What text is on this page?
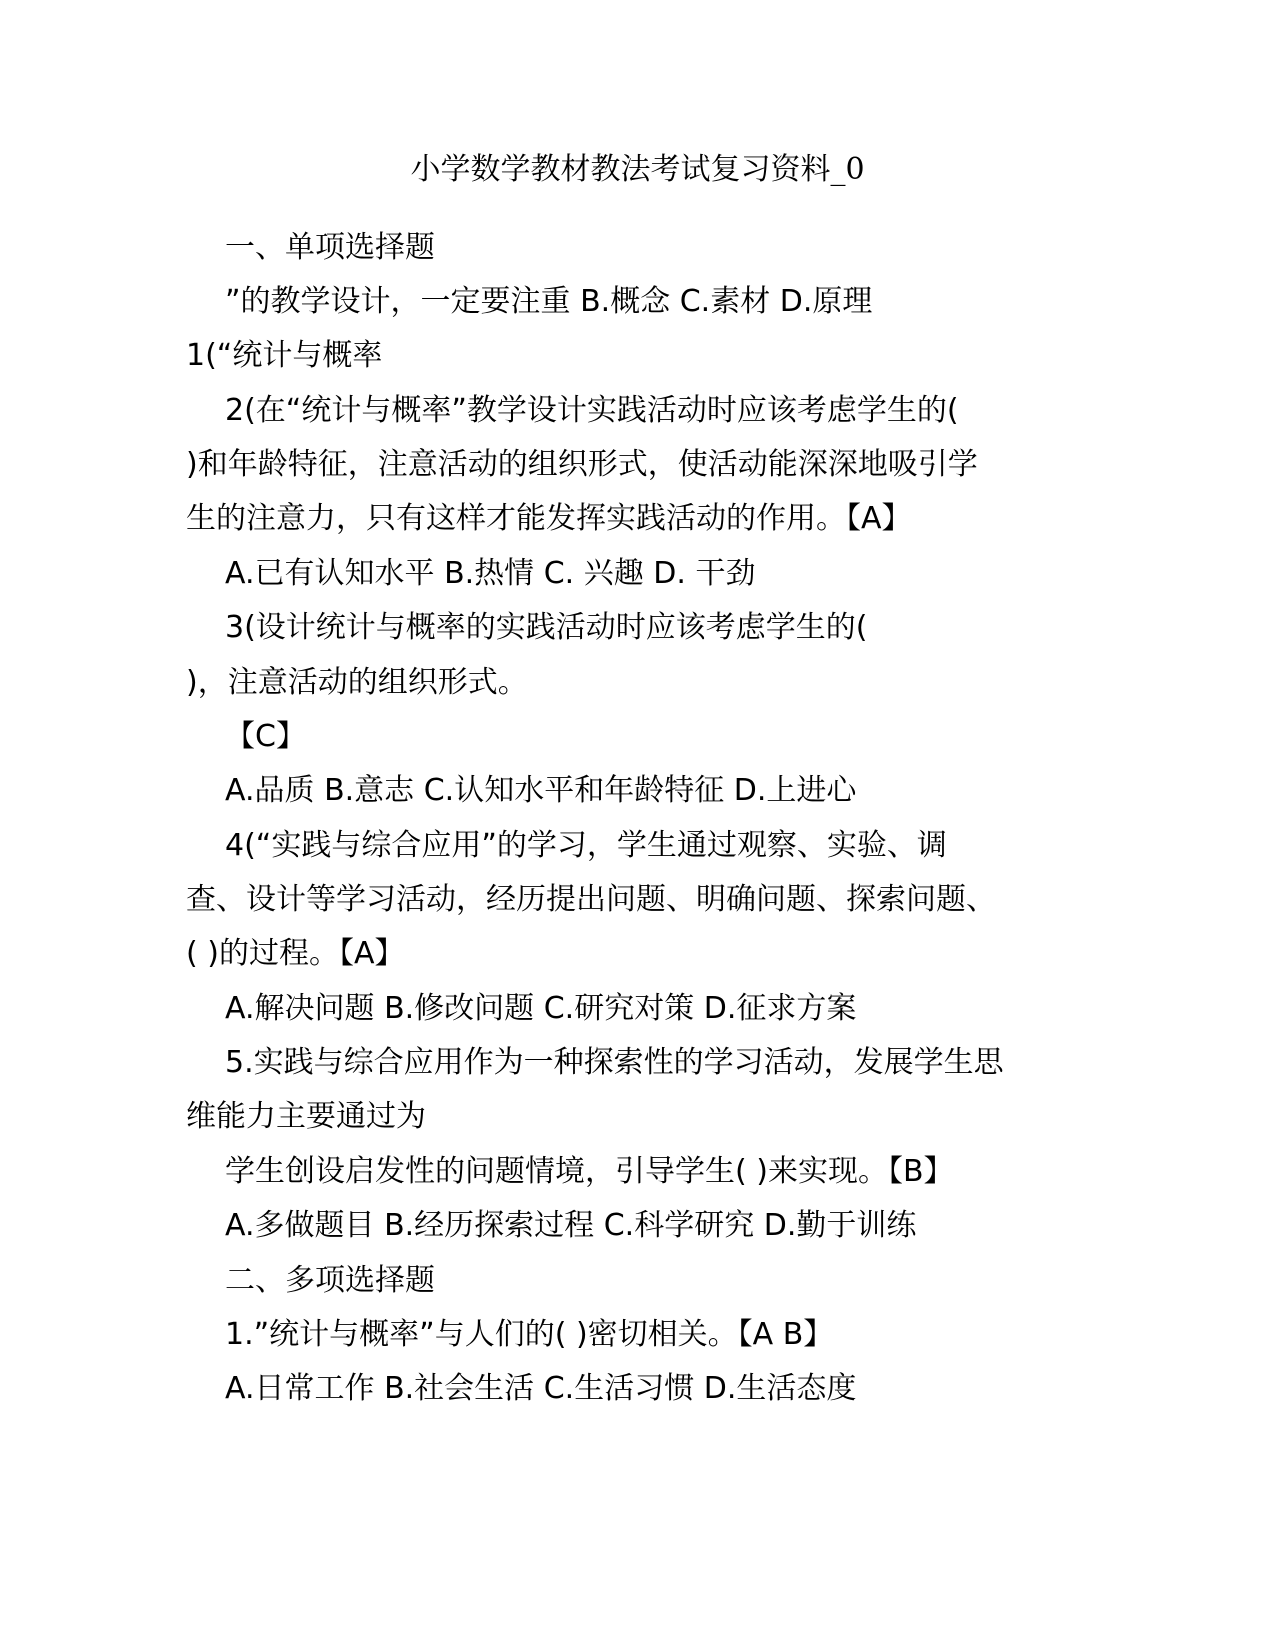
小学数学教材教法考试复习资料_0
一、单项选择题
”的教学设计，一定要注重 B.概念 C.素材 D.原理
1(“统计与概率
2(在“统计与概率”教学设计实践活动时应该考虑学生的(
)和年龄特征，注意活动的组织形式，使活动能深深地吸引学
生的注意力，只有这样才能发挥实践活动的作用。【A】
A.已有认知水平 B.热情 C. 兴趣 D. 干劲
3(设计统计与概率的实践活动时应该考虑学生的(
)，注意活动的组织形式。
【C】
A.品质 B.意志 C.认知水平和年龄特征 D.上进心
4(“实践与综合应用”的学习，学生通过观察、实验、调
查、设计等学习活动，经历提出问题、明确问题、探索问题、
( )的过程。【A】
A.解决问题 B.修改问题 C.研究对策 D.征求方案
5.实践与综合应用作为一种探索性的学习活动，发展学生思
维能力主要通过为
学生创设启发性的问题情境，引导学生( )来实现。【B】
A.多做题目 B.经历探索过程 C.科学研究 D.勤于训练
二、多项选择题
1.”统计与概率”与人们的( )密切相关。【A B】
A.日常工作 B.社会生活 C.生活习惯 D.生活态度
